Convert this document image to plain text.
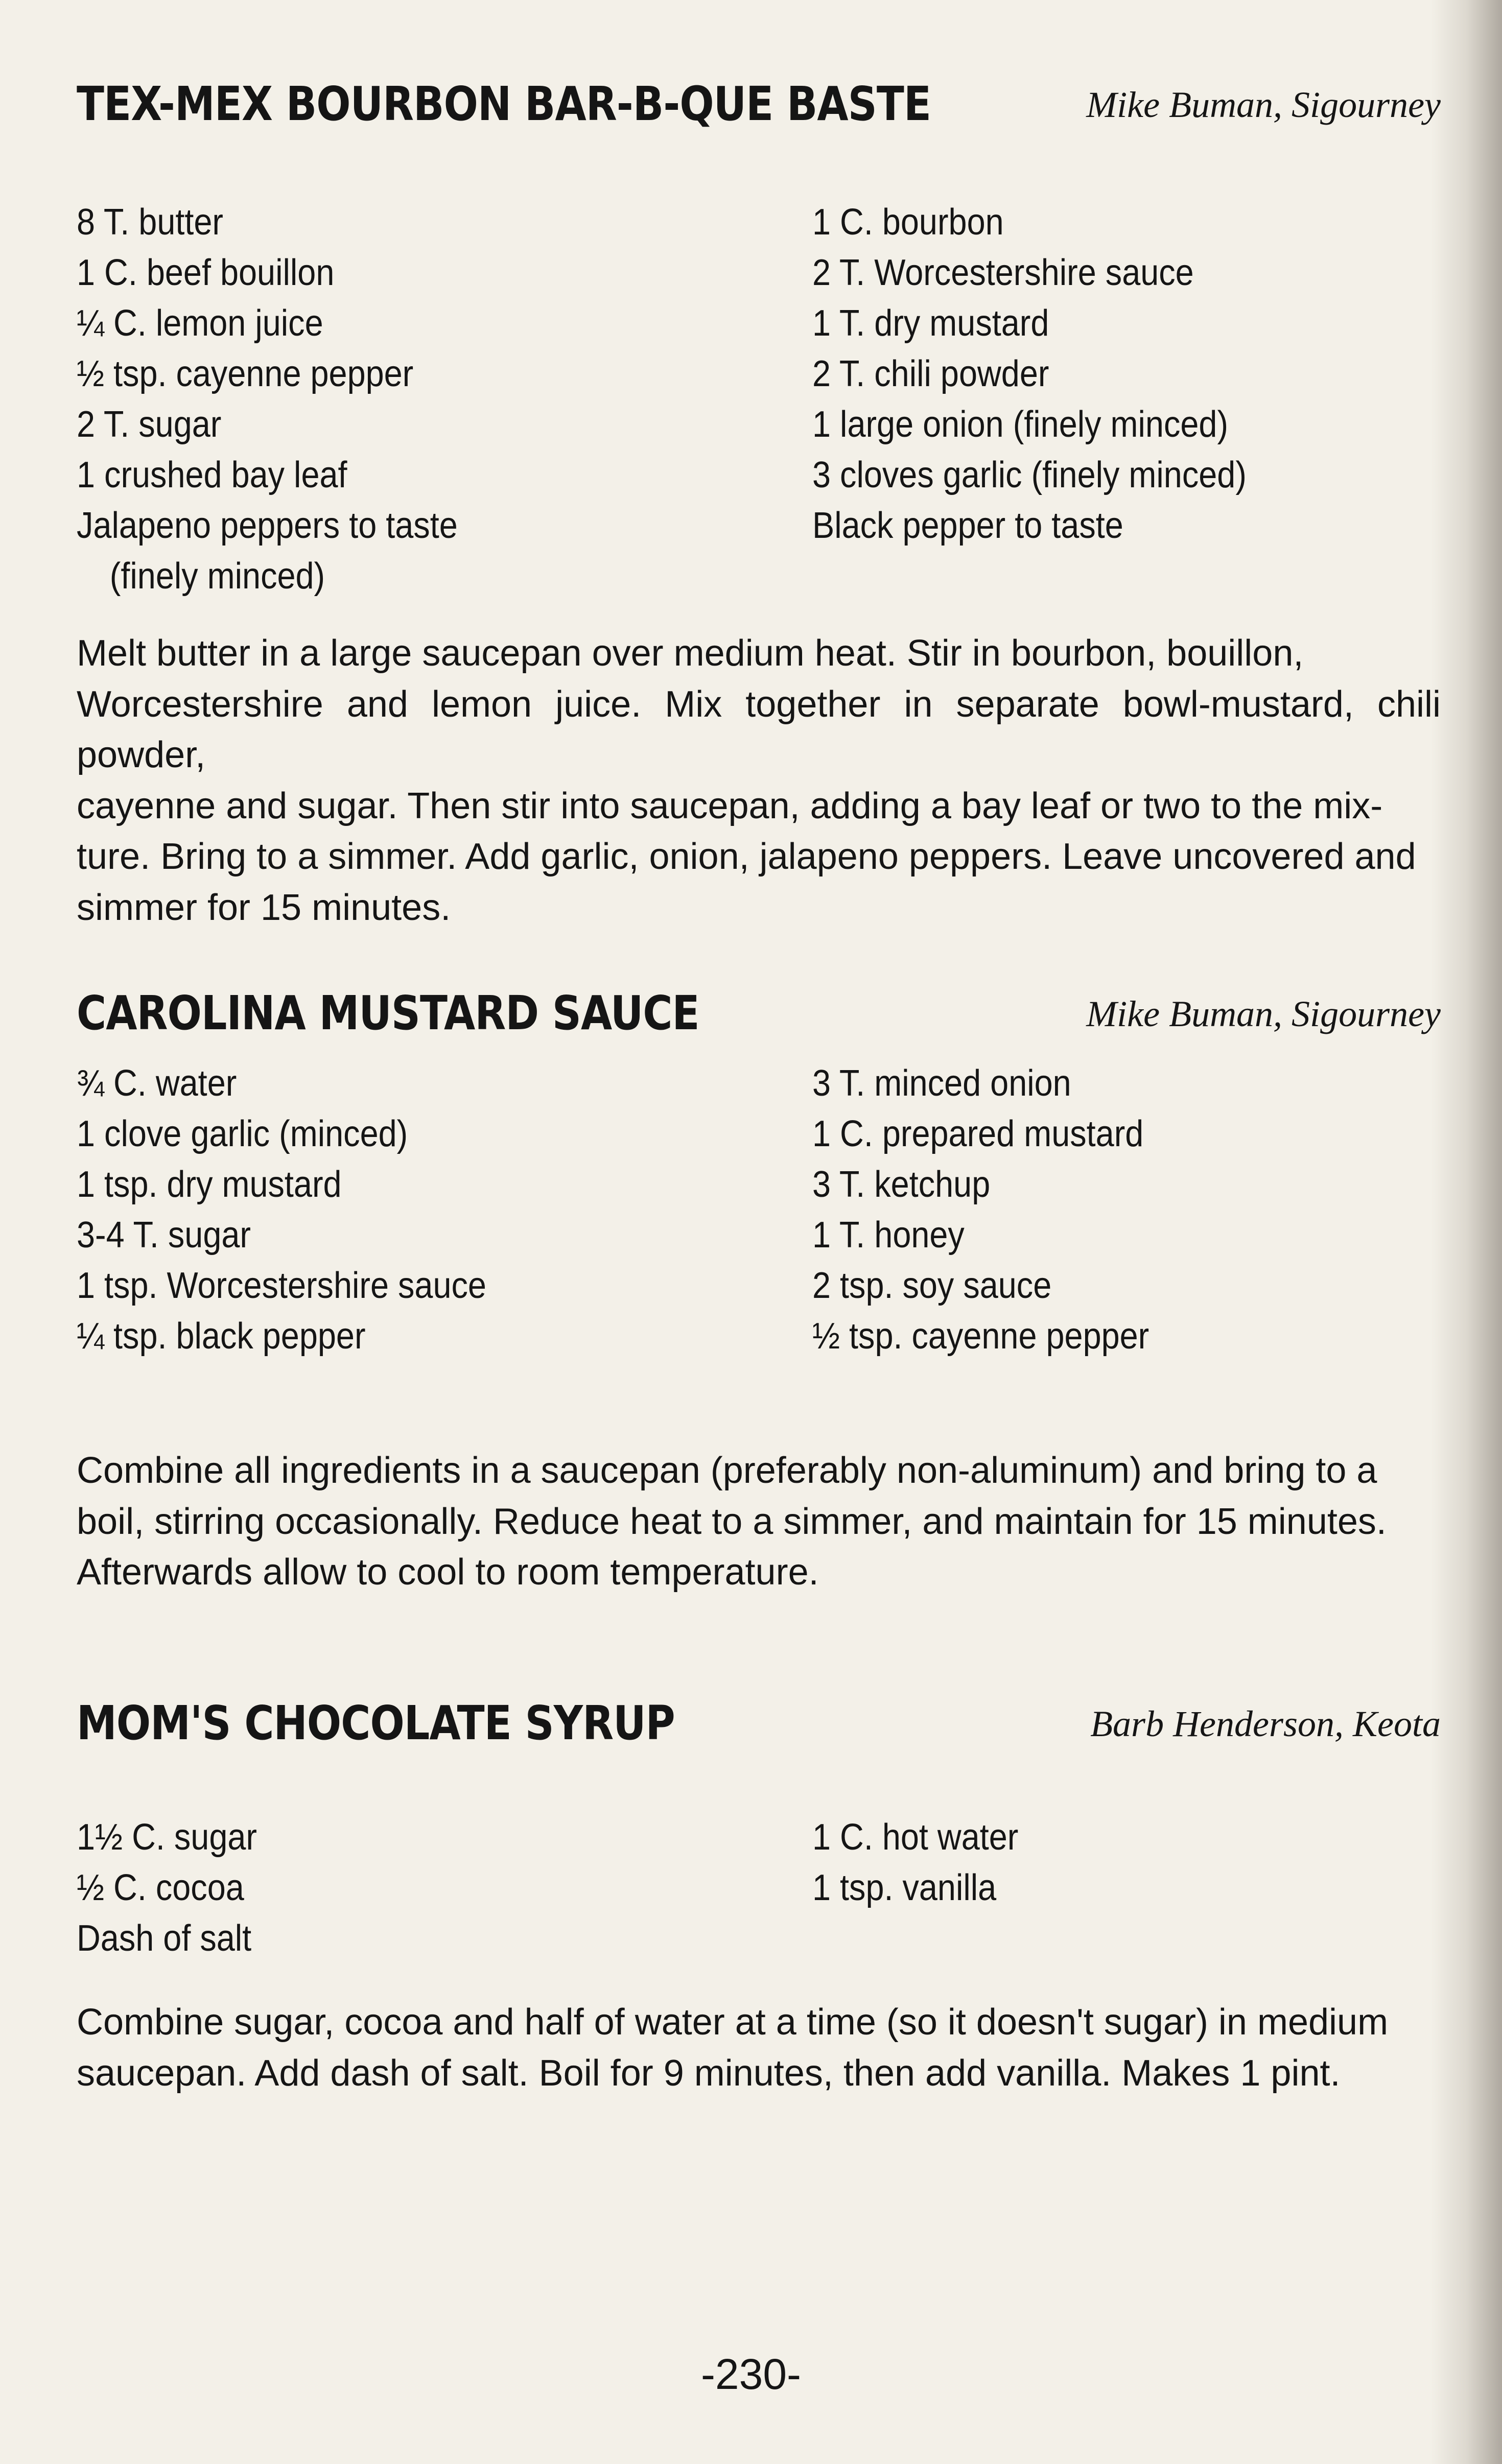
TEX-MEX BOURBON BAR-B-QUE BASTE	Mike Buman, Sigourney
8 T. butter
1 C. beef bouillon
¼ C. lemon juice
½ tsp. cayenne pepper
2 T. sugar
1 crushed bay leaf
Jalapeno peppers to taste
(finely minced)
1 C. bourbon
2 T. Worcestershire sauce
1 T. dry mustard
2 T. chili powder
1 large onion (finely minced)
3 cloves garlic (finely minced)
Black pepper to taste
Melt butter in a large saucepan over medium heat. Stir in bourbon, bouillon,
Worcestershire and lemon juice. Mix together in separate bowl-mustard, chili powder,
cayenne and sugar. Then stir into saucepan, adding a bay leaf or two to the mix-
ture. Bring to a simmer. Add garlic, onion, jalapeno peppers. Leave uncovered and
simmer for 15 minutes.
CAROLINA MUSTARD SAUCE	Mike Buman, Sigourney
¾ C. water
1 clove garlic (minced)
1 tsp. dry mustard
3-4 T. sugar
1 tsp. Worcestershire sauce
¼ tsp. black pepper
3 T. minced onion
1 C. prepared mustard
3 T. ketchup
1 T. honey
2 tsp. soy sauce
½ tsp. cayenne pepper
Combine all ingredients in a saucepan (preferably non-aluminum) and bring to a
boil, stirring occasionally. Reduce heat to a simmer, and maintain for 15 minutes.
Afterwards allow to cool to room temperature.
MOM'S CHOCOLATE SYRUP	Barb Henderson, Keota
1½ C. sugar
½ C. cocoa
Dash of salt
1 C. hot water
1 tsp. vanilla
Combine sugar, cocoa and half of water at a time (so it doesn't sugar) in medium
saucepan. Add dash of salt. Boil for 9 minutes, then add vanilla. Makes 1 pint.
-230-
